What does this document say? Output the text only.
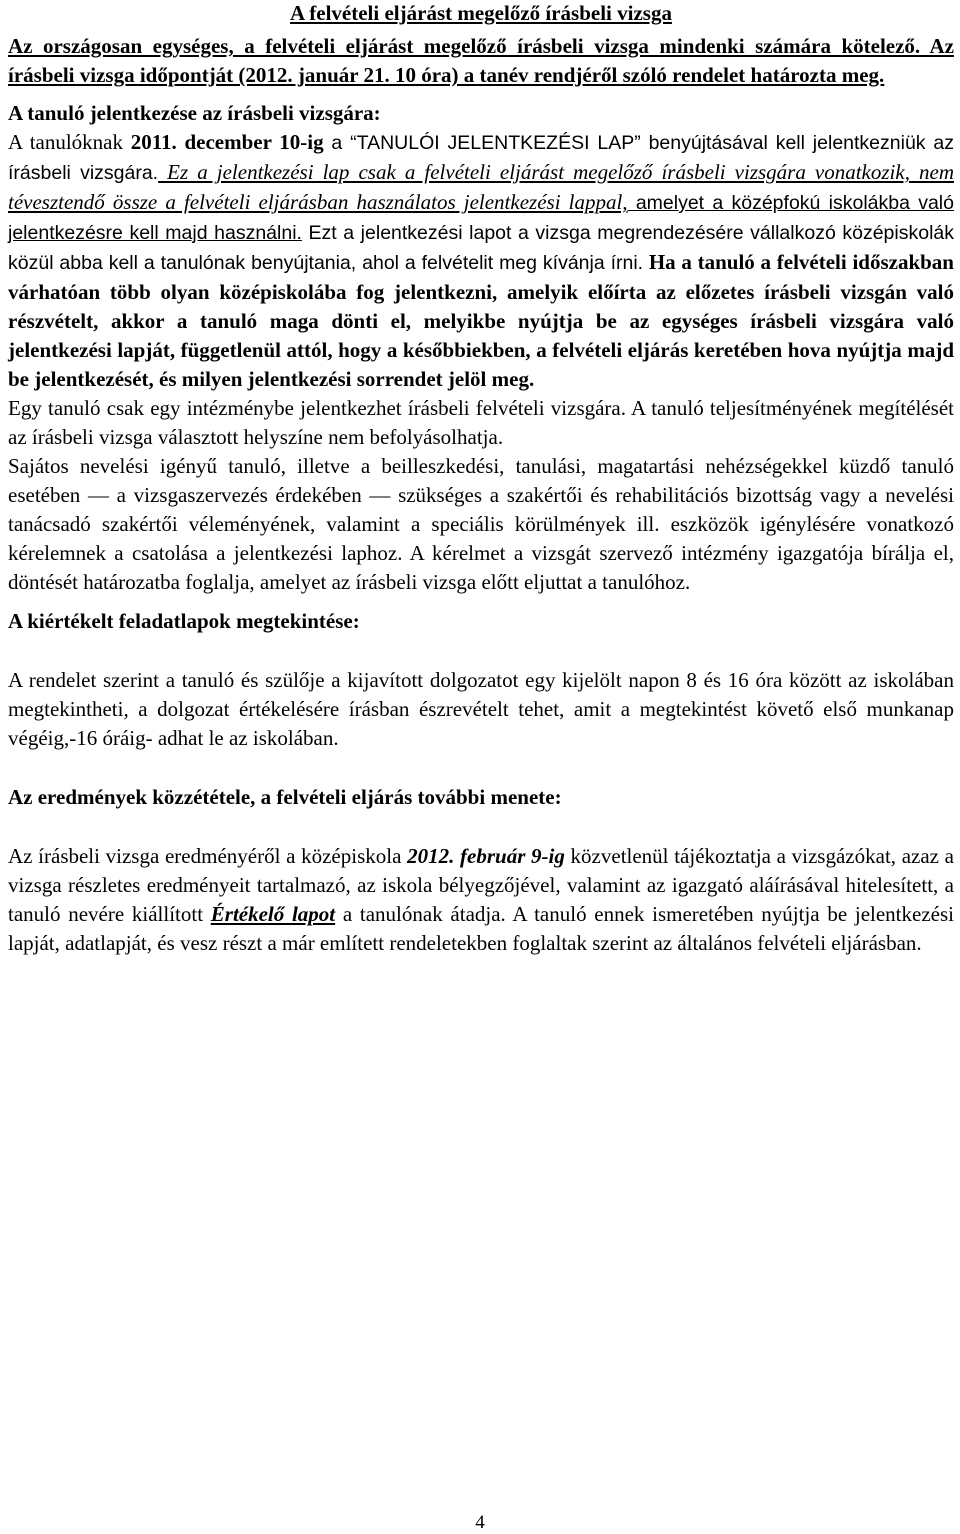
A felvételi eljárást megelőző írásbeli vizsga

Az országosan egységes, a felvételi eljárást megelőző írásbeli vizsga mindenki számára kötelező. Az írásbeli vizsga időpontját (2012. január 21. 10 óra) a tanév rendjéről szóló rendelet határozta meg.

A tanuló jelentkezése az írásbeli vizsgára:

A tanulóknak 2011. december 10-ig a “TANULÓI JELENTKEZÉSI LAP” benyújtásával kell jelentkezniük az írásbeli vizsgára. Ez a jelentkezési lap csak a felvételi eljárást megelőző írásbeli vizsgára vonatkozik, nem tévesztendő össze a felvételi eljárásban használatos jelentkezési lappal, amelyet a középfokú iskolákba való jelentkezésre kell majd használni. Ezt a jelentkezési lapot a vizsga megrendezésére vállalkozó középiskolák közül abba kell a tanulónak benyújtania, ahol a felvételit meg kívánja írni. Ha a tanuló a felvételi időszakban várhatóan több olyan középiskolába fog jelentkezni, amelyik előírta az előzetes írásbeli vizsgán való részvételt, akkor a tanuló maga dönti el, melyikbe nyújtja be az egységes írásbeli vizsgára való jelentkezési lapját, függetlenül attól, hogy a későbbiekben, a felvételi eljárás keretében hova nyújtja majd be jelentkezését, és milyen jelentkezési sorrendet jelöl meg.

Egy tanuló csak egy intézménybe jelentkezhet írásbeli felvételi vizsgára. A tanuló teljesítményének megítélését az írásbeli vizsga választott helyszíne nem befolyásolhatja.

Sajátos nevelési igényű tanuló, illetve a beilleszkedési, tanulási, magatartási nehézségekkel küzdő tanuló esetében — a vizsgaszervezés érdekében — szükséges a szakértői és rehabilitációs bizottság vagy a nevelési tanácsadó szakértői véleményének, valamint a speciális körülmények ill. eszközök igénylésére vonatkozó kérelemnek a csatolása a jelentkezési laphoz. A kérelmet a vizsgát szervező intézmény igazgatója bírálja el, döntését határozatba foglalja, amelyet az írásbeli vizsga előtt eljuttat a tanulóhoz.

A kiértékelt feladatlapok megtekintése:

A rendelet szerint a tanuló és szülője a kijavított dolgozatot egy kijelölt napon 8 és 16 óra között az iskolában megtekintheti, a dolgozat értékelésére írásban észrevételt tehet, amit a megtekintést követő első munkanap végéig,-16 óráig- adhat le az iskolában.

Az eredmények közzététele, a felvételi eljárás további menete:

Az írásbeli vizsga eredményéről a középiskola 2012. február 9-ig közvetlenül tájékoztatja a vizsgázókat, azaz a vizsga részletes eredményeit tartalmazó, az iskola bélyegzőjével, valamint az igazgató aláírásával hitelesített, a tanuló nevére kiállított Értékelő lapot a tanulónak átadja. A tanuló ennek ismeretében nyújtja be jelentkezési lapját, adatlapját, és vesz részt a már említett rendeletekben foglaltak szerint az általános felvételi eljárásban.

4
